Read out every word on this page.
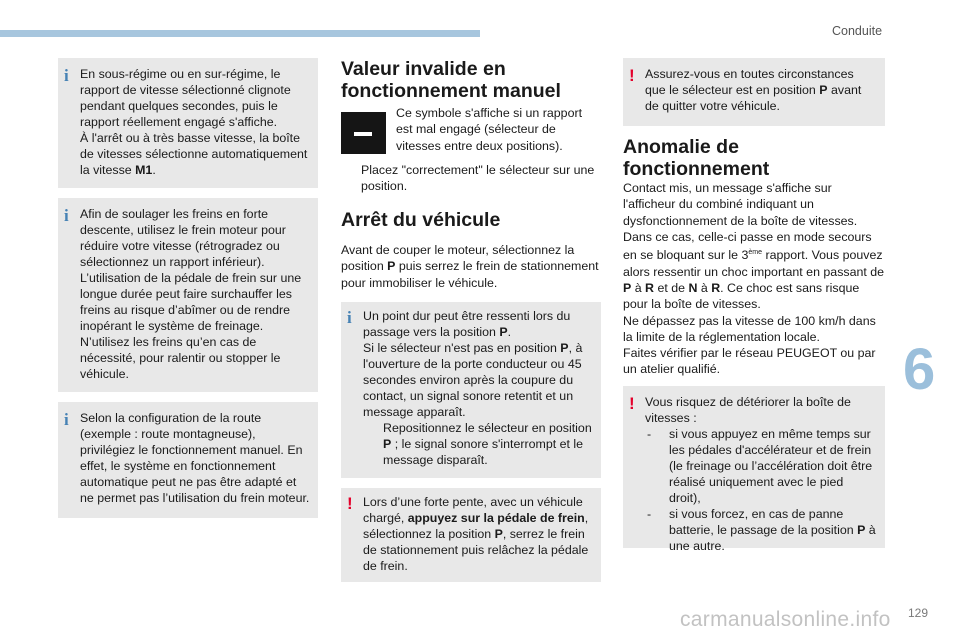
Conduite
6
129
carmanualsonline.info
i En sous-régime ou en sur-régime, le rapport de vitesse sélectionné clignote pendant quelques secondes, puis le rapport réellement engagé s'affiche.

À l'arrêt ou à très basse vitesse, la boîte de vitesses sélectionne automatiquement la vitesse M1.

i Afin de soulager les freins en forte descente, utilisez le frein moteur pour réduire votre vitesse (rétrogradez ou sélectionnez un rapport inférieur). L’utilisation de la pédale de frein sur une longue durée peut faire surchauffer les freins au risque d’abîmer ou de rendre inopérant le système de freinage. N’utilisez les freins qu’en cas de nécessité, pour ralentir ou stopper le véhicule.

i Selon la configuration de la route (exemple : route montagneuse), privilégiez le fonctionnement manuel. En effet, le système en fonctionnement automatique peut ne pas être adapté et ne permet pas l’utilisation du frein moteur.

Valeur invalide en fonctionnement manuel
Ce symbole s'affiche si un rapport est mal engagé (sélecteur de vitesses entre deux positions).
Placez "correctement" le sélecteur sur une position.
Arrêt du véhicule
Avant de couper le moteur, sélectionnez la position P puis serrez le frein de stationnement pour immobiliser le véhicule.
i Un point dur peut être ressenti lors du passage vers la position P.

Si le sélecteur n'est pas en position P, à l'ouverture de la porte conducteur ou 45 secondes environ après la coupure du contact, un signal sonore retentit et un message apparaît.

Repositionnez le sélecteur en position P ; le signal sonore s'interrompt et le message disparaît.
! Lors d’une forte pente, avec un véhicule chargé, appuyez sur la pédale de frein, sélectionnez la position P, serrez le frein de stationnement puis relâchez la pédale de frein.

! Assurez-vous en toutes circonstances que le sélecteur est en position P avant de quitter votre véhicule.

Anomalie de fonctionnement

Contact mis, un message s'affiche sur l'afficheur du combiné indiquant un dysfonctionnement de la boîte de vitesses. Dans ce cas, celle-ci passe en mode secours en se bloquant sur le 3ème rapport. Vous pouvez alors ressentir un choc important en passant de P à R et de N à R. Ce choc est sans risque pour la boîte de vitesses.

Ne dépassez pas la vitesse de 100 km/h dans la limite de la réglementation locale.

Faites vérifier par le réseau PEUGEOT ou par un atelier qualifié.

! Vous risquez de détériorer la boîte de vitesses :

- si vous appuyez en même temps sur les pédales d'accélérateur et de frein (le freinage ou l’accélération doit être réalisé uniquement avec le pied droit),
- si vous forcez, en cas de panne batterie, le passage de la position P à une autre.
